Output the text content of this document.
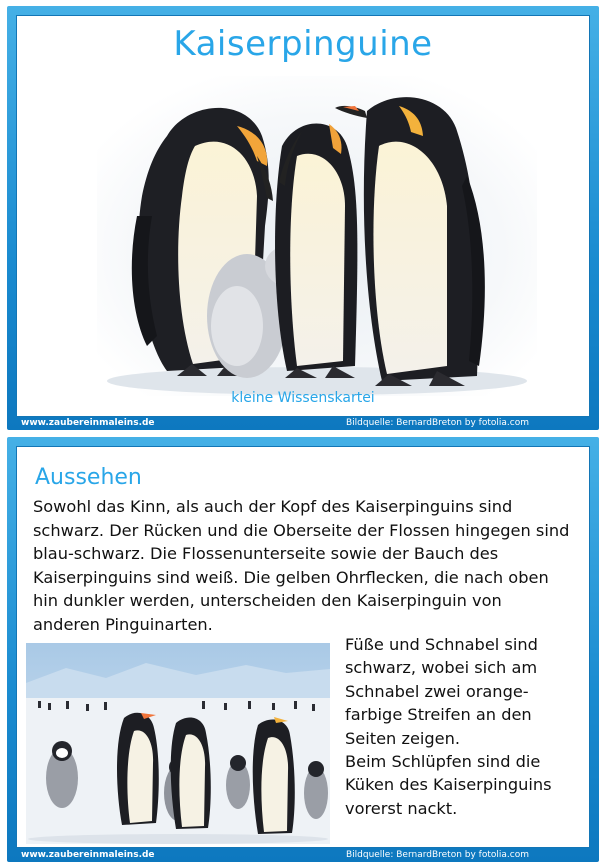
Kaiserpinguine
kleine Wissenskartei
www.zaubereinmaleins.de	Bildquelle: BernardBreton by fotolia.com
Aussehen
Sowohl das Kinn, als auch der Kopf des Kaiserpinguins sind schwarz. Der Rücken und die Oberseite der Flossen hingegen sind blau-schwarz. Die Flossenunterseite sowie der Bauch des Kaiserpinguins sind weiß. Die gelben Ohrflecken, die nach oben hin dunkler werden, unterscheiden den Kaiserpinguin von anderen Pinguinarten.
Füße und Schnabel sind schwarz, wobei sich am Schnabel zwei orange-farbige Streifen an den Seiten zeigen.
Beim Schlüpfen sind die Küken des Kaiserpinguins vorerst nackt.
www.zaubereinmaleins.de	Bildquelle: BernardBreton by fotolia.com
